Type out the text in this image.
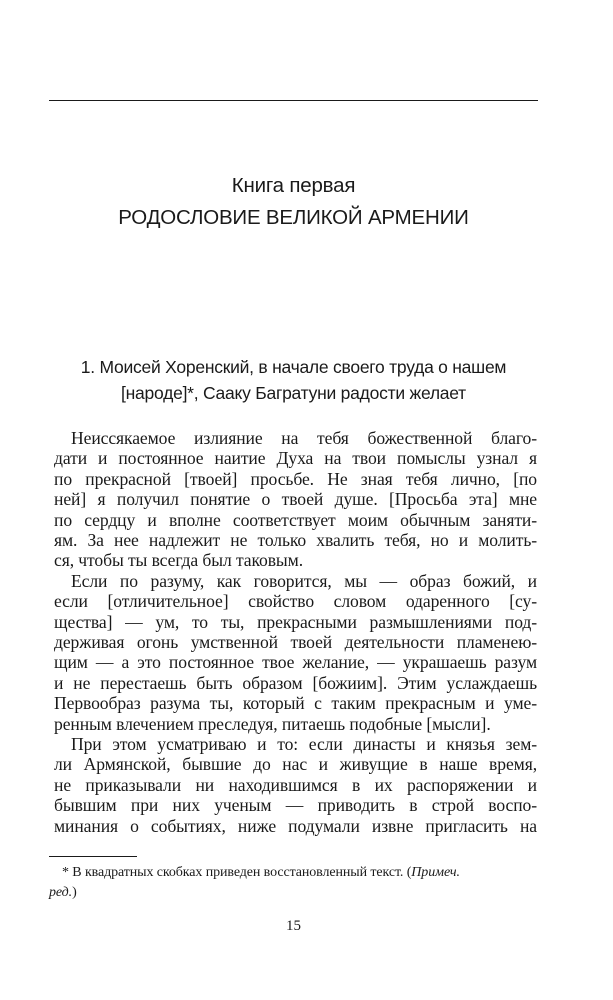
Книга первая
РОДОСЛОВИЕ ВЕЛИКОЙ АРМЕНИИ
1. Моисей Хоренский, в начале своего труда о нашем
[народе]*, Сааку Багратуни радости желает
Неиссякаемое излияние на тебя божественной благо-
дати и постоянное наитие Духа на твои помыслы узнал я
по прекрасной [твоей] просьбе. Не зная тебя лично, [по
ней] я получил понятие о твоей душе. [Просьба эта] мне
по сердцу и вполне соответствует моим обычным заняти-
ям. За нее надлежит не только хвалить тебя, но и молить-
ся, чтобы ты всегда был таковым.
Если по разуму, как говорится, мы — образ божий, и
если [отличительное] свойство словом одаренного [су-
щества] — ум, то ты, прекрасными размышлениями под-
держивая огонь умственной твоей деятельности пламенею-
щим — а это постоянное твое желание, — украшаешь разум
и не перестаешь быть образом [божиим]. Этим услаждаешь
Первообраз разума ты, который с таким прекрасным и уме-
ренным влечением преследуя, питаешь подобные [мысли].
При этом усматриваю и то: если династы и князья зем-
ли Армянской, бывшие до нас и живущие в наше время,
не приказывали ни находившимся в их распоряжении и
бывшим при них ученым — приводить в строй воспо-
минания о событиях, ниже подумали извне пригласить на
* В квадратных скобках приведен восстановленный текст. (Примеч.
ред.)
15
